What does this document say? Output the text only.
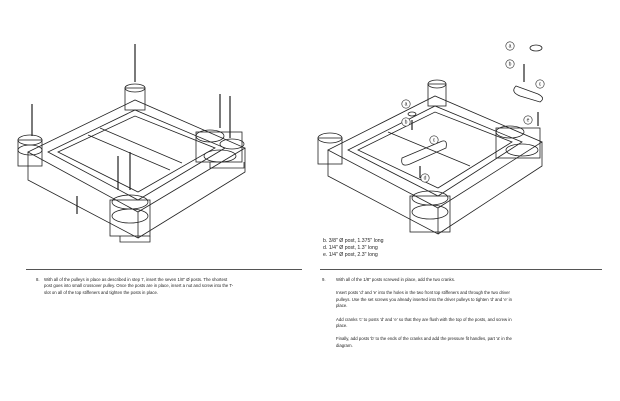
a
b
c
d
a
b
c
e
b. 3/8" Ø post, 1.375" long
d. 1/4" Ø post, 1.3" long
e. 1/4" Ø post, 2.3" long
8. With all of the pulleys in place as described in step 7, insert the seven 1/8" Ø posts. The shortest post goes into small crossover pulley. Once the posts are in place, insert a nut and screw into the T-slot on all of the top stiffeners and tighten the posts in place.

9. With all of the 1/8" posts screwed in place, add the two cranks.

Insert posts 'd' and 'e' into the holes in the two front top stiffeners and through the two driver pulleys. Use the set screws you already inserted into the driver pulleys to tighten 'd' and 'e' in place.

Add cranks 'c' to posts 'd' and 'e' so that they are flush with the top of the posts, and screw in place.

Finally, add posts 'b' to the ends of the cranks and add the pressure fit handles, part 'a' in the diagram.
